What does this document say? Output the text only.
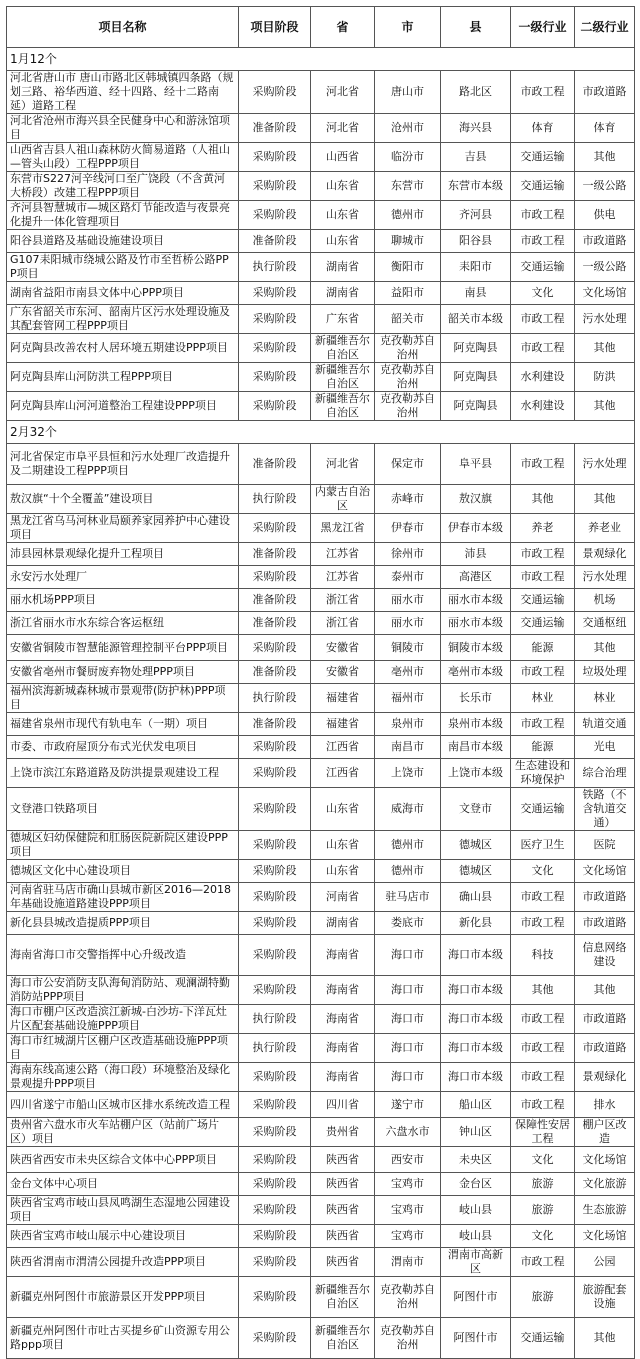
项目名称	项目阶段	省	市	县	一级行业	二级行业
1月12个						
河北省唐山市 唐山市路北区韩城镇四条路（规划三路、裕华西道、经十四路、经十二路南延）道路工程	采购阶段	河北省	唐山市	路北区	市政工程	市政道路
河北省沧州市海兴县全民健身中心和游泳馆项目	准备阶段	河北省	沧州市	海兴县	体育	体育
山西省吉县人祖山森林防火简易道路（人祖山—管头山段）工程PPP项目	采购阶段	山西省	临汾市	吉县	交通运输	其他
东营市S227河辛线河口至广饶段（不含黄河大桥段）改建工程PPP项目	采购阶段	山东省	东营市	东营市本级	交通运输	一级公路
齐河县智慧城市—城区路灯节能改造与夜景亮化提升一体化管理项目	采购阶段	山东省	德州市	齐河县	市政工程	供电
阳谷县道路及基础设施建设项目	准备阶段	山东省	聊城市	阳谷县	市政工程	市政道路
G107耒阳城市绕城公路及竹市至哲桥公路PPP项目	执行阶段	湖南省	衡阳市	耒阳市	交通运输	一级公路
湖南省益阳市南县文体中心PPP项目	采购阶段	湖南省	益阳市	南县	文化	文化场馆
广东省韶关市东河、韶南片区污水处理设施及其配套管网工程PPP项目	采购阶段	广东省	韶关市	韶关市本级	市政工程	污水处理
阿克陶县改善农村人居环境五期建设PPP项目	采购阶段	新疆维吾尔自治区	克孜勒苏自治州	阿克陶县	市政工程	其他
阿克陶县库山河防洪工程PPP项目	采购阶段	新疆维吾尔自治区	克孜勒苏自治州	阿克陶县	水利建设	防洪
阿克陶县库山河河道整治工程建设PPP项目	采购阶段	新疆维吾尔自治区	克孜勒苏自治州	阿克陶县	水利建设	其他
2月32个						
河北省保定市阜平县恒和污水处理厂改造提升及二期建设工程PPP项目	准备阶段	河北省	保定市	阜平县	市政工程	污水处理
敖汉旗“十个全覆盖”建设项目	执行阶段	内蒙古自治区	赤峰市	敖汉旗	其他	其他
黑龙江省乌马河林业局颐养家园养护中心建设项目	采购阶段	黑龙江省	伊春市	伊春市本级	养老	养老业
沛县园林景观绿化提升工程项目	准备阶段	江苏省	徐州市	沛县	市政工程	景观绿化
永安污水处理厂	采购阶段	江苏省	泰州市	高港区	市政工程	污水处理
丽水机场PPP项目	准备阶段	浙江省	丽水市	丽水市本级	交通运输	机场
浙江省丽水市水东综合客运枢纽	准备阶段	浙江省	丽水市	丽水市本级	交通运输	交通枢纽
安徽省铜陵市智慧能源管理控制平台PPP项目	采购阶段	安徽省	铜陵市	铜陵市本级	能源	其他
安徽省亳州市餐厨废弃物处理PPP项目	准备阶段	安徽省	亳州市	亳州市本级	市政工程	垃圾处理
福州滨海新城森林城市景观带(防护林)PPP项目	执行阶段	福建省	福州市	长乐市	林业	林业
福建省泉州市现代有轨电车（一期）项目	准备阶段	福建省	泉州市	泉州市本级	市政工程	轨道交通
市委、市政府屋顶分布式光伏发电项目	采购阶段	江西省	南昌市	南昌市本级	能源	光电
上饶市滨江东路道路及防洪提景观建设工程	采购阶段	江西省	上饶市	上饶市本级	生态建设和环境保护	综合治理
文登港口铁路项目	采购阶段	山东省	威海市	文登市	交通运输	铁路（不含轨道交通）
德城区妇幼保健院和肛肠医院新院区建设PPP项目	采购阶段	山东省	德州市	德城区	医疗卫生	医院
德城区文化中心建设项目	采购阶段	山东省	德州市	德城区	文化	文化场馆
河南省驻马店市确山县城市新区2016—2018年基础设施道路建设PPP项目	采购阶段	河南省	驻马店市	确山县	市政工程	市政道路
新化县县城改造提质PPP项目	采购阶段	湖南省	娄底市	新化县	市政工程	市政道路
海南省海口市交警指挥中心升级改造	采购阶段	海南省	海口市	海口市本级	科技	信息网络建设
海口市公安消防支队海甸消防站、观澜湖特勤消防站PPP项目	采购阶段	海南省	海口市	海口市本级	其他	其他
海口市棚户区改造滨江新城-白沙坊-下洋瓦灶片区配套基础设施PPP项目	执行阶段	海南省	海口市	海口市本级	市政工程	市政道路
海口市红城湖片区棚户区改造基础设施PPP项目	执行阶段	海南省	海口市	海口市本级	市政工程	市政道路
海南东线高速公路（海口段）环境整治及绿化景观提升PPP项目	采购阶段	海南省	海口市	海口市本级	市政工程	景观绿化
四川省遂宁市船山区城市区排水系统改造工程	采购阶段	四川省	遂宁市	船山区	市政工程	排水
贵州省六盘水市火车站棚户区（站前广场片区）项目	采购阶段	贵州省	六盘水市	钟山区	保障性安居工程	棚户区改造
陕西省西安市未央区综合文体中心PPP项目	采购阶段	陕西省	西安市	未央区	文化	文化场馆
金台文体中心项目	采购阶段	陕西省	宝鸡市	金台区	旅游	文化旅游
陕西省宝鸡市岐山县凤鸣湖生态湿地公园建设项目	采购阶段	陕西省	宝鸡市	岐山县	旅游	生态旅游
陕西省宝鸡市岐山展示中心建设项目	采购阶段	陕西省	宝鸡市	岐山县	文化	文化场馆
陕西省渭南市渭清公园提升改造PPP项目	采购阶段	陕西省	渭南市	渭南市高新区	市政工程	公园
新疆克州阿图什市旅游景区开发PPP项目	采购阶段	新疆维吾尔自治区	克孜勒苏自治州	阿图什市	旅游	旅游配套设施
新疆克州阿图什市吐古买提乡矿山资源专用公路ppp项目	采购阶段	新疆维吾尔自治区	克孜勒苏自治州	阿图什市	交通运输	其他
